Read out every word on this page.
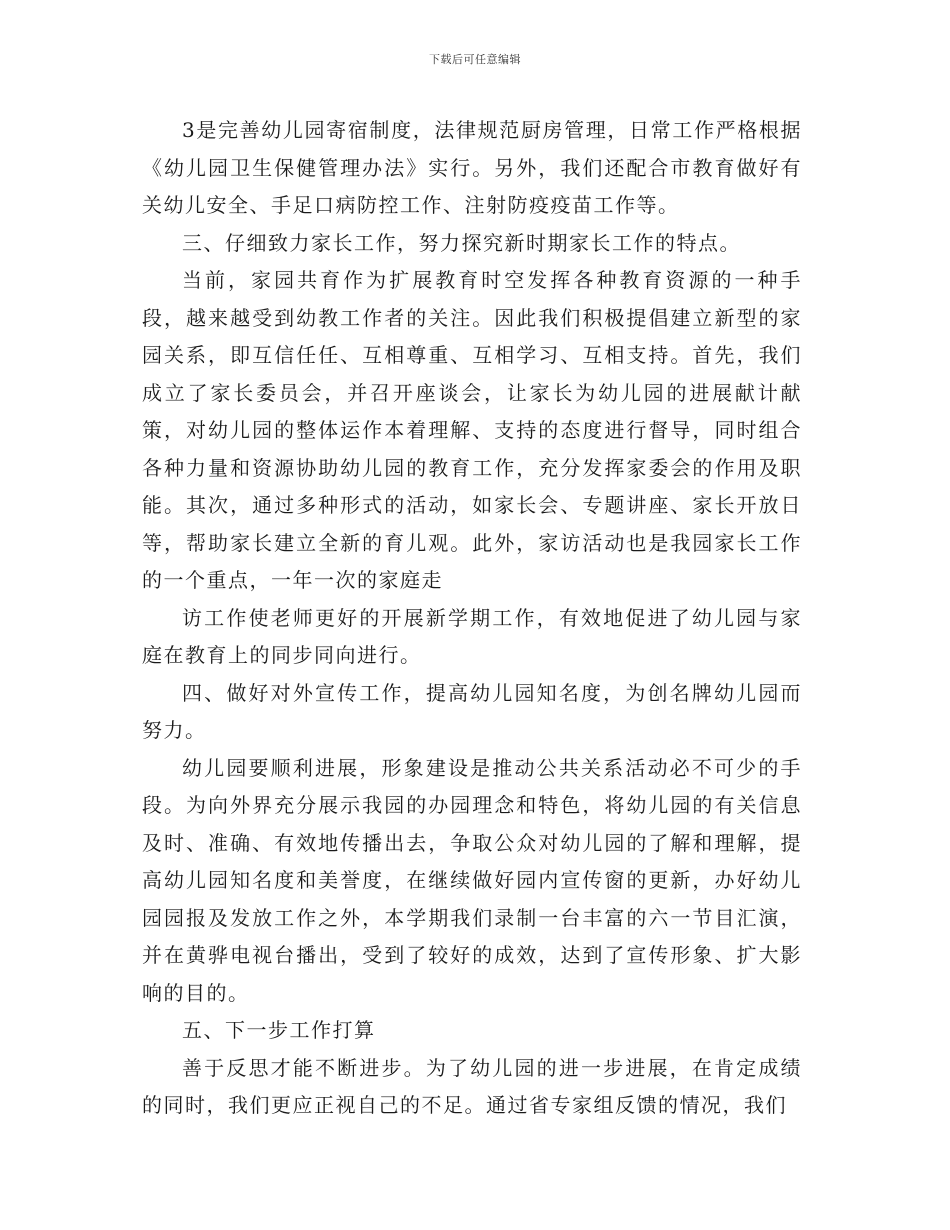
下载后可任意编辑

3是完善幼儿园寄宿制度，法律规范厨房管理，日常工作严格根据《幼儿园卫生保健管理办法》实行。另外，我们还配合市教育做好有关幼儿安全、手足口病防控工作、注射防疫疫苗工作等。

三、仔细致力家长工作，努力探究新时期家长工作的特点。

当前，家园共育作为扩展教育时空发挥各种教育资源的一种手段，越来越受到幼教工作者的关注。因此我们积极提倡建立新型的家园关系，即互信任任、互相尊重、互相学习、互相支持。首先，我们成立了家长委员会，并召开座谈会，让家长为幼儿园的进展献计献策，对幼儿园的整体运作本着理解、支持的态度进行督导，同时组合各种力量和资源协助幼儿园的教育工作，充分发挥家委会的作用及职能。其次，通过多种形式的活动，如家长会、专题讲座、家长开放日等，帮助家长建立全新的育儿观。此外，家访活动也是我园家长工作的一个重点，一年一次的家庭走

访工作使老师更好的开展新学期工作，有效地促进了幼儿园与家庭在教育上的同步同向进行。

四、做好对外宣传工作，提高幼儿园知名度，为创名牌幼儿园而努力。

幼儿园要顺利进展，形象建设是推动公共关系活动必不可少的手段。为向外界充分展示我园的办园理念和特色，将幼儿园的有关信息及时、准确、有效地传播出去，争取公众对幼儿园的了解和理解，提高幼儿园知名度和美誉度，在继续做好园内宣传窗的更新，办好幼儿园园报及发放工作之外，本学期我们录制一台丰富的六一节目汇演，并在黄骅电视台播出，受到了较好的成效，达到了宣传形象、扩大影响的目的。

五、下一步工作打算

善于反思才能不断进步。为了幼儿园的进一步进展，在肯定成绩的同时，我们更应正视自己的不足。通过省专家组反馈的情况，我们
